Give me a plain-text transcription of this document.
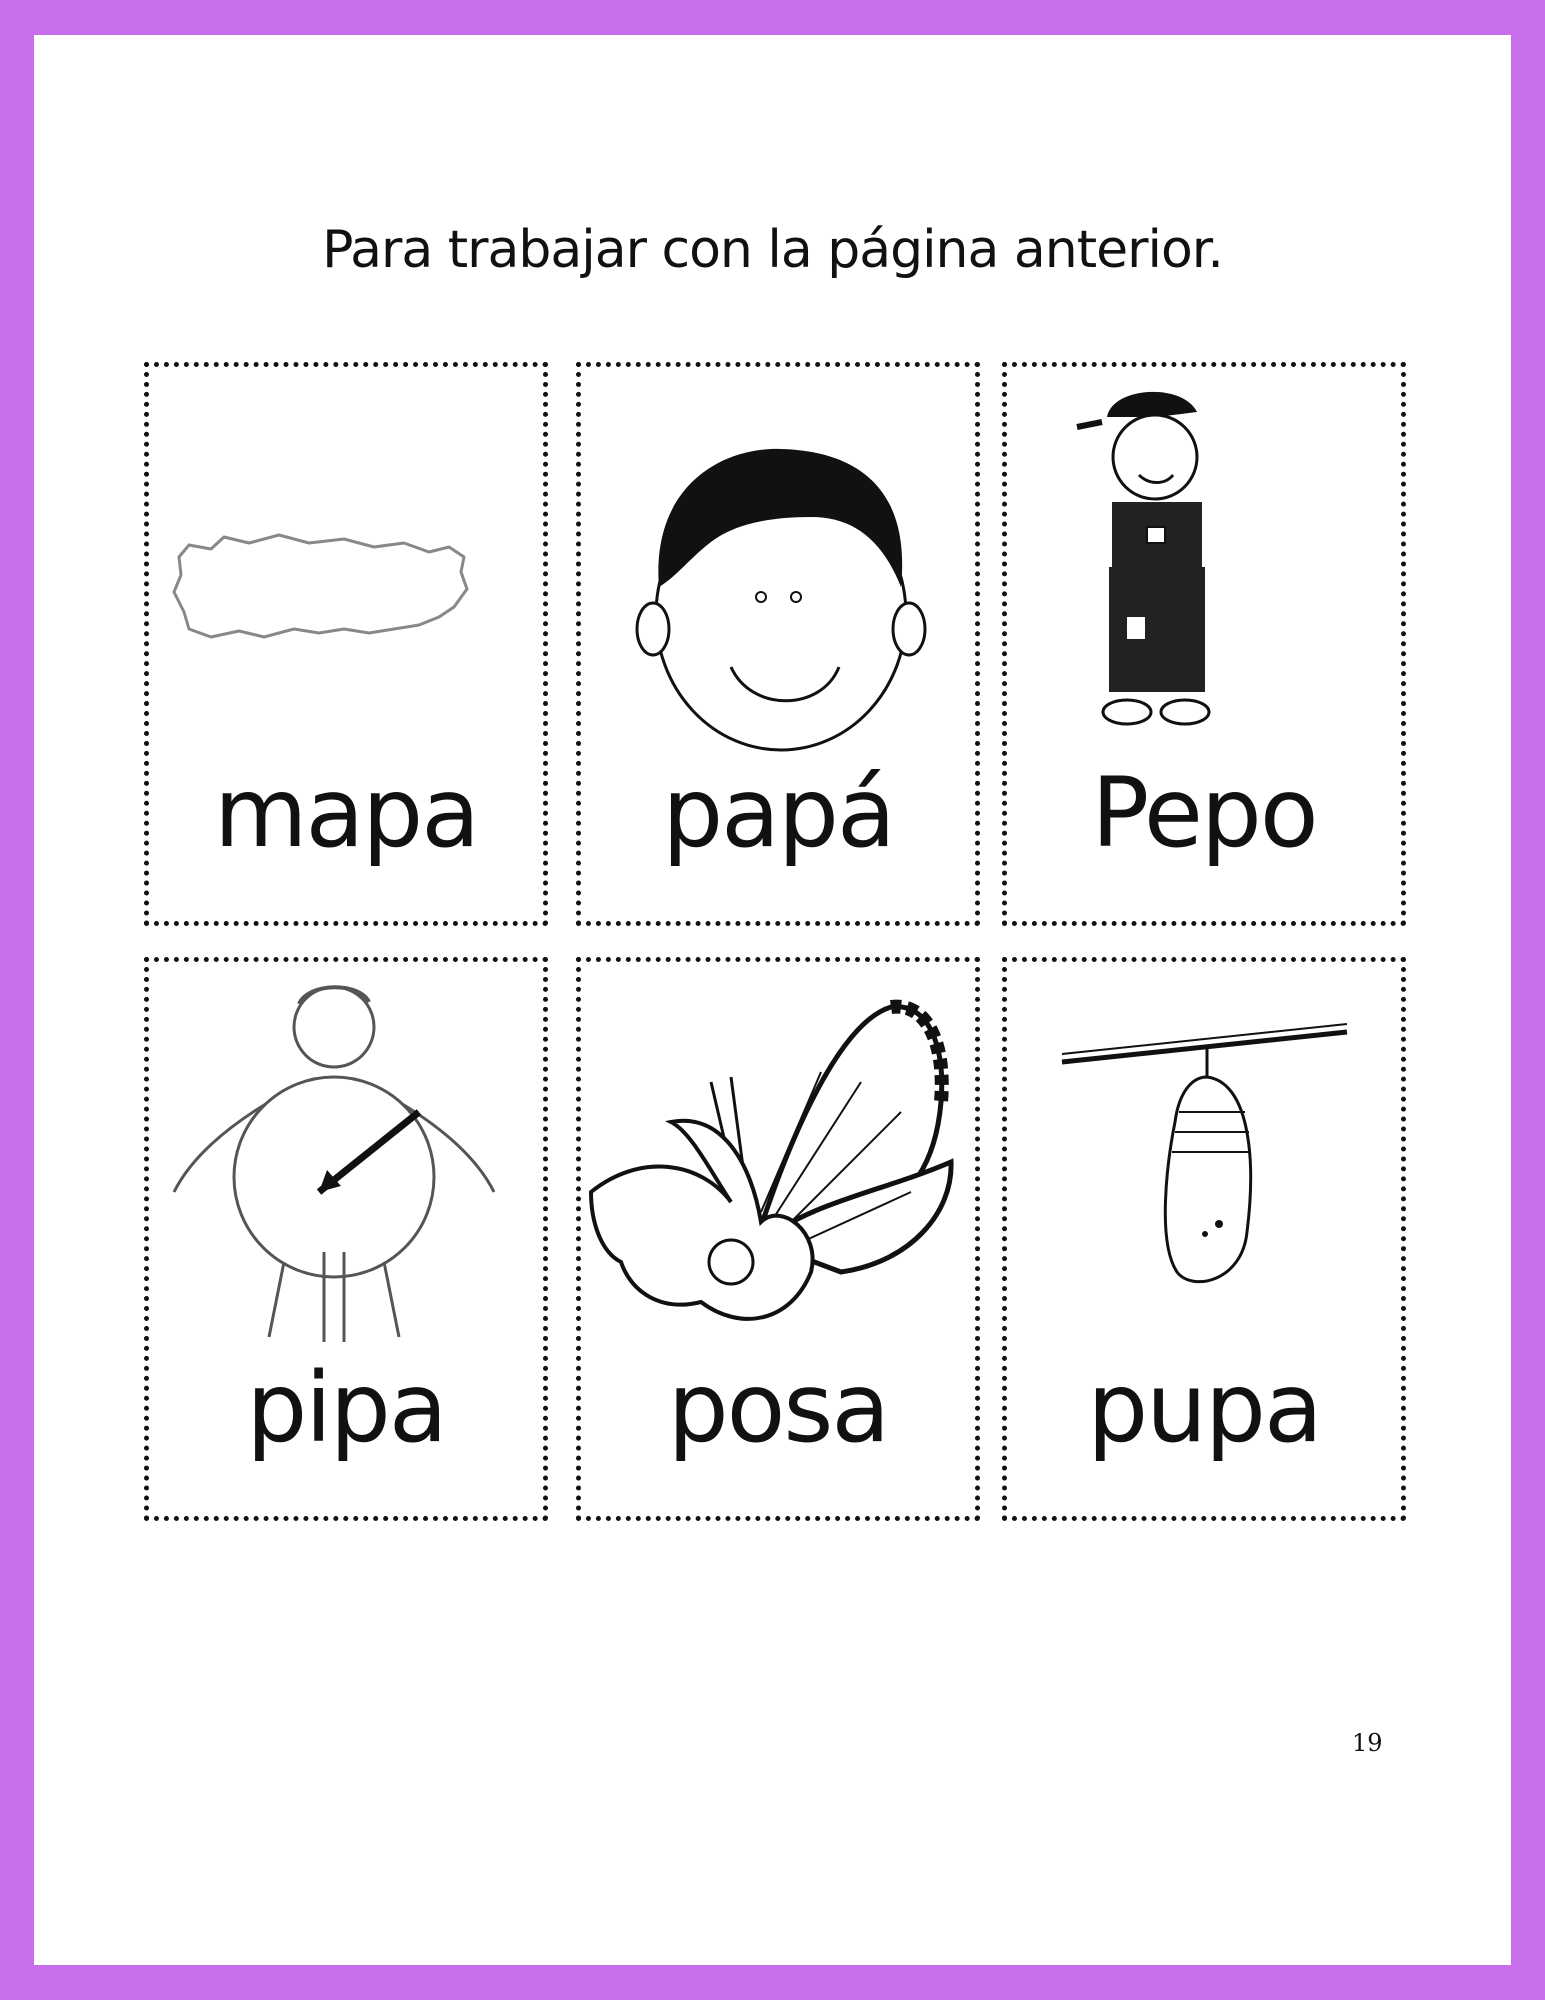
Para trabajar con la página anterior.
mapa	papá	Pepo
pipa	posa	pupa
19
